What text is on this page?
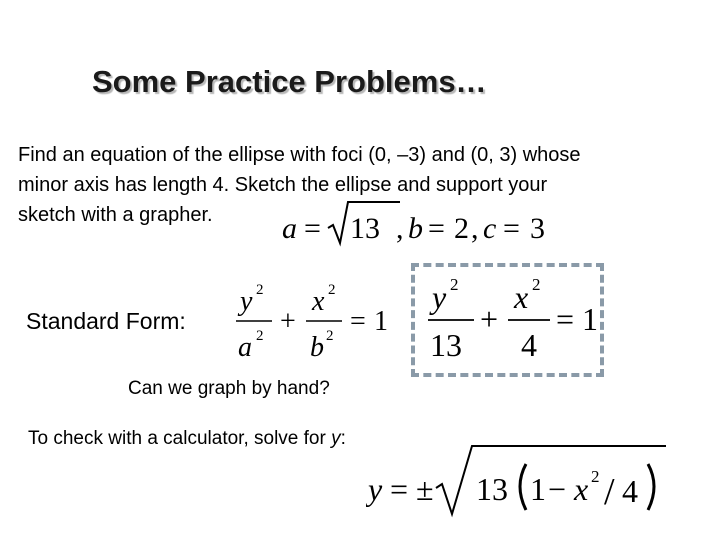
Some Practice Problems…
Find an equation of the ellipse with foci (0, –3) and (0, 3) whose
minor axis has length 4. Sketch the ellipse and support your
sketch with a grapher.	a = 13 , b = 2 , c = 3
Standard Form:
y 2
a 2 +
x 2
b 2 = 1
y 2
13
+
x 2
4
= 1
Can we graph by hand?
To check with a calculator, solve for y:
y = ± 13 1 − x 2 / 4
